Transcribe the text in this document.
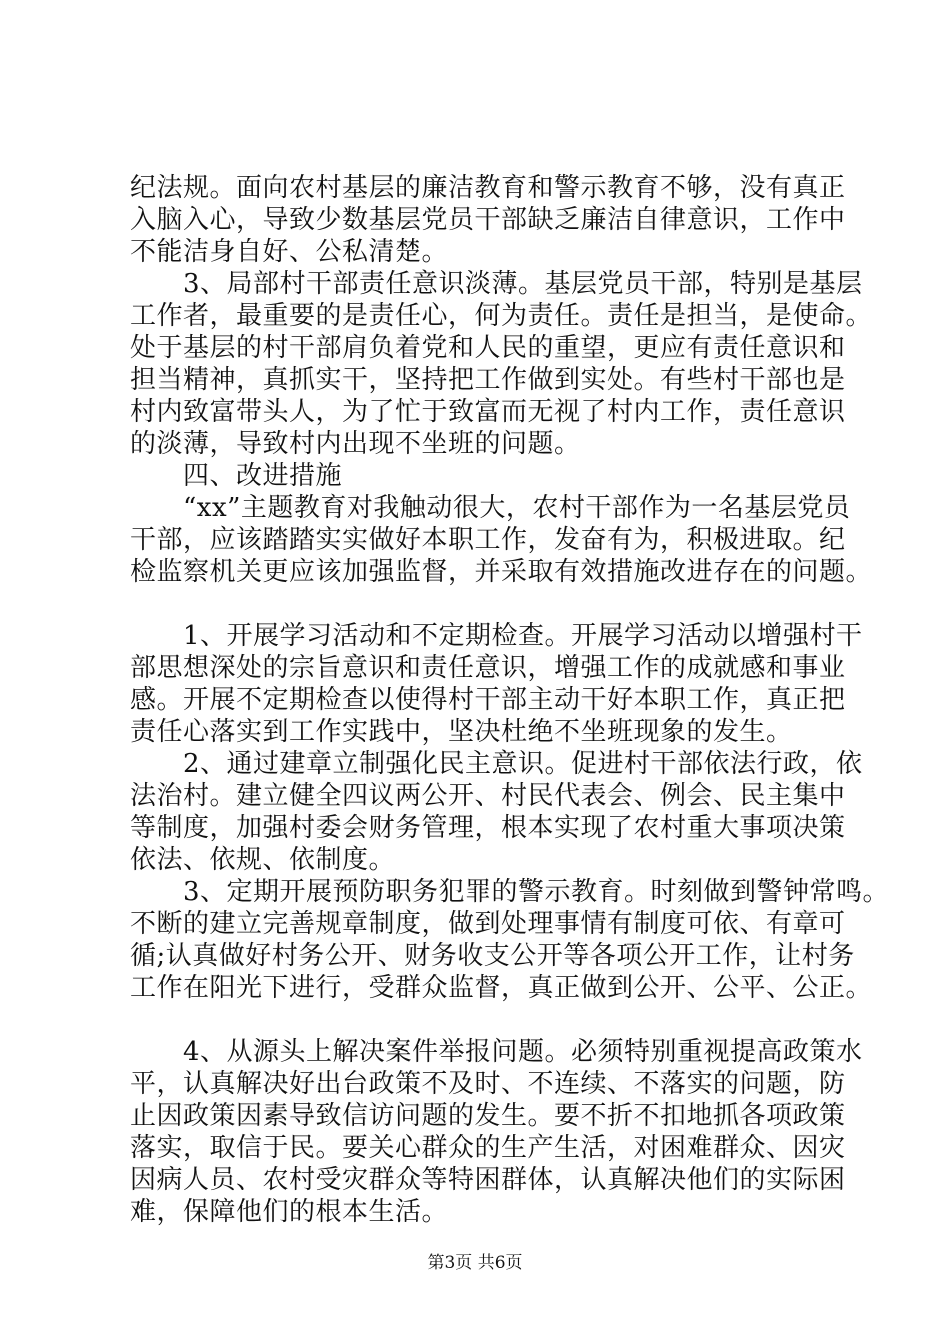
纪法规。面向农村基层的廉洁教育和警示教育不够，没有真正
入脑入心，导致少数基层党员干部缺乏廉洁自律意识，工作中
不能洁身自好、公私清楚。
　　3、局部村干部责任意识淡薄。基层党员干部，特别是基层
工作者，最重要的是责任心，何为责任。责任是担当，是使命。
处于基层的村干部肩负着党和人民的重望，更应有责任意识和
担当精神，真抓实干，坚持把工作做到实处。有些村干部也是
村内致富带头人，为了忙于致富而无视了村内工作，责任意识
的淡薄，导致村内出现不坐班的问题。
　　四、改进措施
　　“xx”主题教育对我触动很大，农村干部作为一名基层党员
干部，应该踏踏实实做好本职工作，发奋有为，积极进取。纪
检监察机关更应该加强监督，并采取有效措施改进存在的问题。
　　1、开展学习活动和不定期检查。开展学习活动以增强村干
部思想深处的宗旨意识和责任意识，增强工作的成就感和事业
感。开展不定期检查以使得村干部主动干好本职工作，真正把
责任心落实到工作实践中，坚决杜绝不坐班现象的发生。
　　2、通过建章立制强化民主意识。促进村干部依法行政，依
法治村。建立健全四议两公开、村民代表会、例会、民主集中
等制度，加强村委会财务管理，根本实现了农村重大事项决策
依法、依规、依制度。
　　3、定期开展预防职务犯罪的警示教育。时刻做到警钟常鸣。
不断的建立完善规章制度，做到处理事情有制度可依、有章可
循;认真做好村务公开、财务收支公开等各项公开工作，让村务
工作在阳光下进行，受群众监督，真正做到公开、公平、公正。
　　4、从源头上解决案件举报问题。必须特别重视提高政策水
平，认真解决好出台政策不及时、不连续、不落实的问题，防
止因政策因素导致信访问题的发生。要不折不扣地抓各项政策
落实，取信于民。要关心群众的生产生活，对困难群众、因灾
因病人员、农村受灾群众等特困群体，认真解决他们的实际困
难，保障他们的根本生活。
第3页 共6页
